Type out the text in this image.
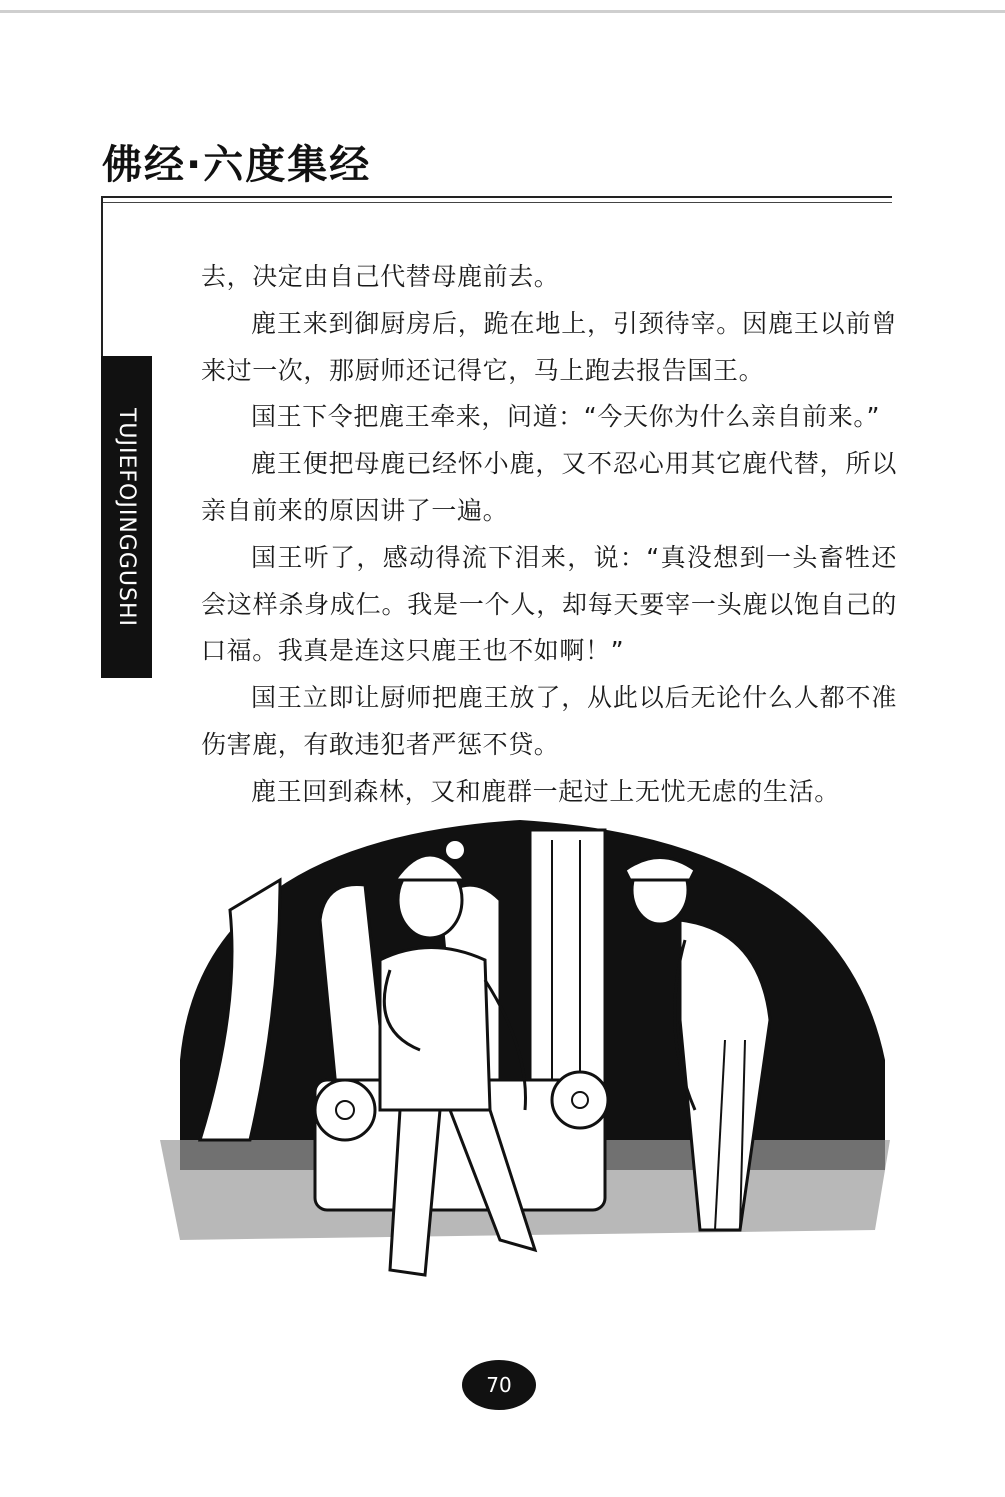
佛经·六度集经
TUJIEFOJINGGUSHI

去，决定由自己代替母鹿前去。

鹿王来到御厨房后，跪在地上，引颈待宰。因鹿王以前曾来过一次，那厨师还记得它，马上跑去报告国王。

国王下令把鹿王牵来，问道：“今天你为什么亲自前来。”

鹿王便把母鹿已经怀小鹿，又不忍心用其它鹿代替，所以亲自前来的原因讲了一遍。

国王听了，感动得流下泪来，说：“真没想到一头畜牲还会这样杀身成仁。我是一个人，却每天要宰一头鹿以饱自己的口福。我真是连这只鹿王也不如啊！”

国王立即让厨师把鹿王放了，从此以后无论什么人都不准伤害鹿，有敢违犯者严惩不贷。

鹿王回到森林，又和鹿群一起过上无忧无虑的生活。

70
